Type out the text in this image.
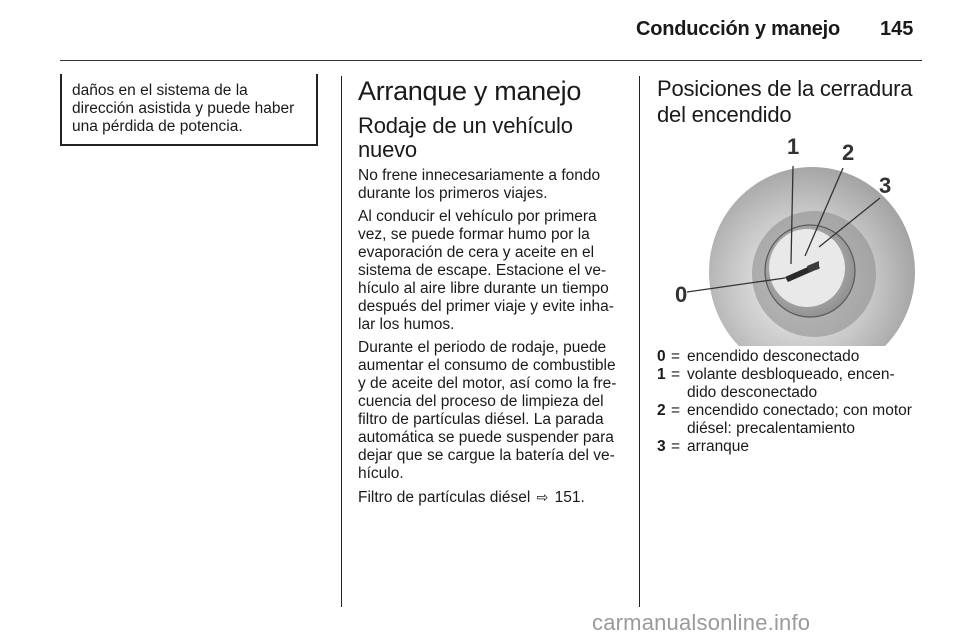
Conducción y manejo 145
daños en el sistema de la
dirección asistida y puede haber
una pérdida de potencia.
Arranque y manejo
Rodaje de un vehículo
nuevo
No frene innecesariamente a fondo
durante los primeros viajes.
Al conducir el vehículo por primera
vez, se puede formar humo por la
evaporación de cera y aceite en el
sistema de escape. Estacione el ve-
hículo al aire libre durante un tiempo
después del primer viaje y evite inha-
lar los humos.
Durante el periodo de rodaje, puede
aumentar el consumo de combustible
y de aceite del motor, así como la fre-
cuencia del proceso de limpieza del
filtro de partículas diésel. La parada
automática se puede suspender para
dejar que se cargue la batería del ve-
hículo.
Filtro de partículas diésel ⇨ 151.
Posiciones de la cerradura
del encendido
0
1 2
3
0 = encendido desconectado
1 = volante desbloqueado, encen-
dido desconectado
2 = encendido conectado; con motor
diésel: precalentamiento
3 = arranque
carmanualsonline.info
